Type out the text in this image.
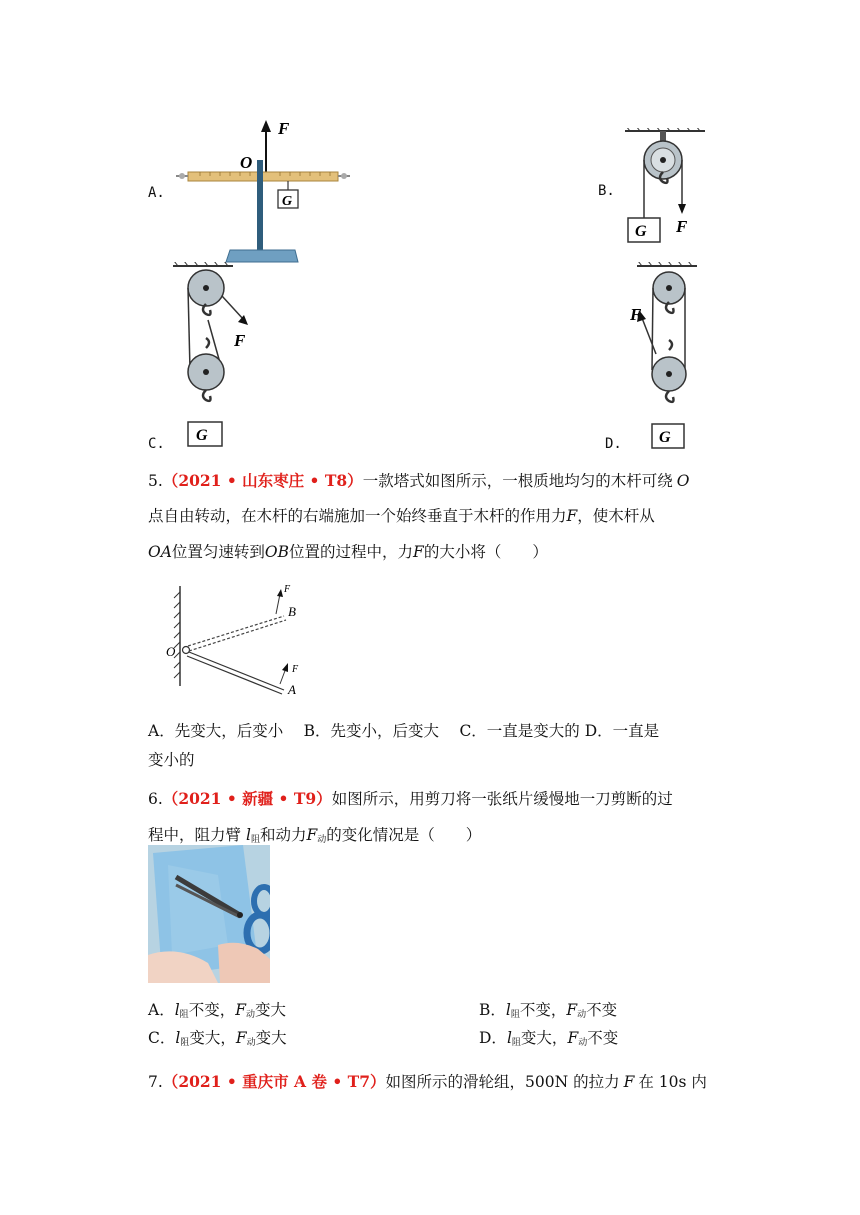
A.	B.
C.	D.
F
O
G
G F
F
G
F
G
5.（2021 • 山东枣庄 • T8）一款塔式如图所示，一根质地均匀的木杆可绕 O
点自由转动，在木杆的右端施加一个始终垂直于木杆的作用力F，使木杆从
OA位置匀速转到OB位置的过程中，力F的大小将（　　）
F
B
O
F
A
A．先变大，后变小　 B．先变小，后变大　 C．一直是变大的 D．一直是
变小的
6.（2021 • 新疆 • T9）如图所示，用剪刀将一张纸片缓慢地一刀剪断的过
程中，阻力臂 $l_阻$和动力$F_动$的变化情况是（　　）
A．$l_阻$不变，$F_动$变大	B．$l_阻$不变，$F_动$不变
C．$l_阻$变大，$F_动$变大	D．$l_阻$变大，$F_动$不变
7.（2021 • 重庆市 A 卷 • T7）如图所示的滑轮组，500N 的拉力 F 在 10s 内
